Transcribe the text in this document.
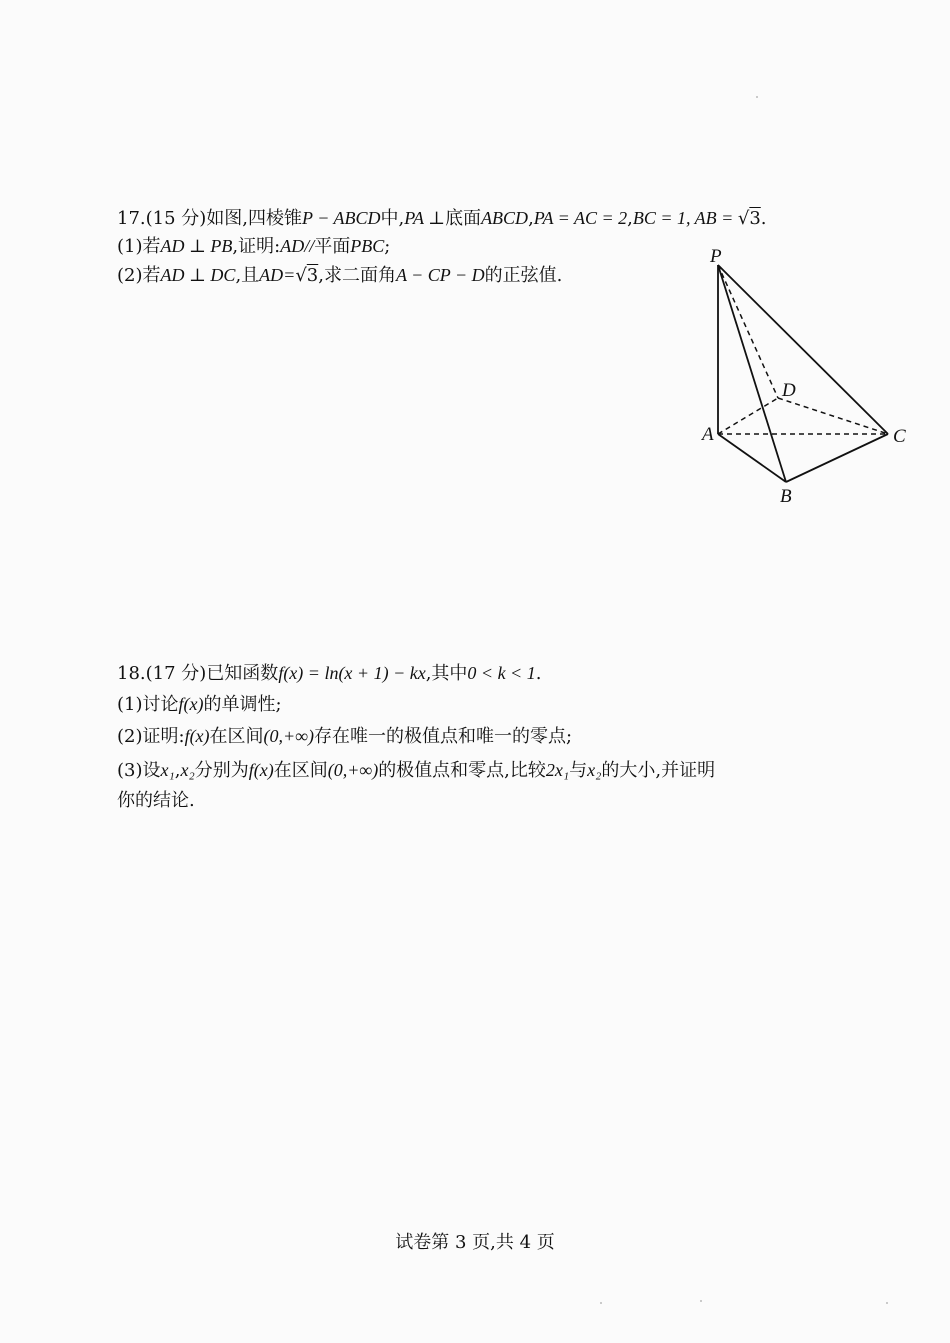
17.(15 分)如图,四棱锥P − ABCD中,PA ⊥底面ABCD,PA = AC = 2,BC = 1, AB = √3.
(1)若AD ⊥ PB,证明:AD//平面PBC;
(2)若AD ⊥ DC,且AD=√3,求二面角A − CP − D的正弦值.
P
D
A	C
B
18.(17 分)已知函数f(x) = ln(x + 1) − kx,其中0 < k < 1.
(1)讨论f(x)的单调性;
(2)证明:f(x)在区间(0,+∞)存在唯一的极值点和唯一的零点;
(3)设x₁,x₂分别为f(x)在区间(0,+∞)的极值点和零点,比较2x₁与x₂的大小,并证明
你的结论.
试卷第 3 页,共 4 页
